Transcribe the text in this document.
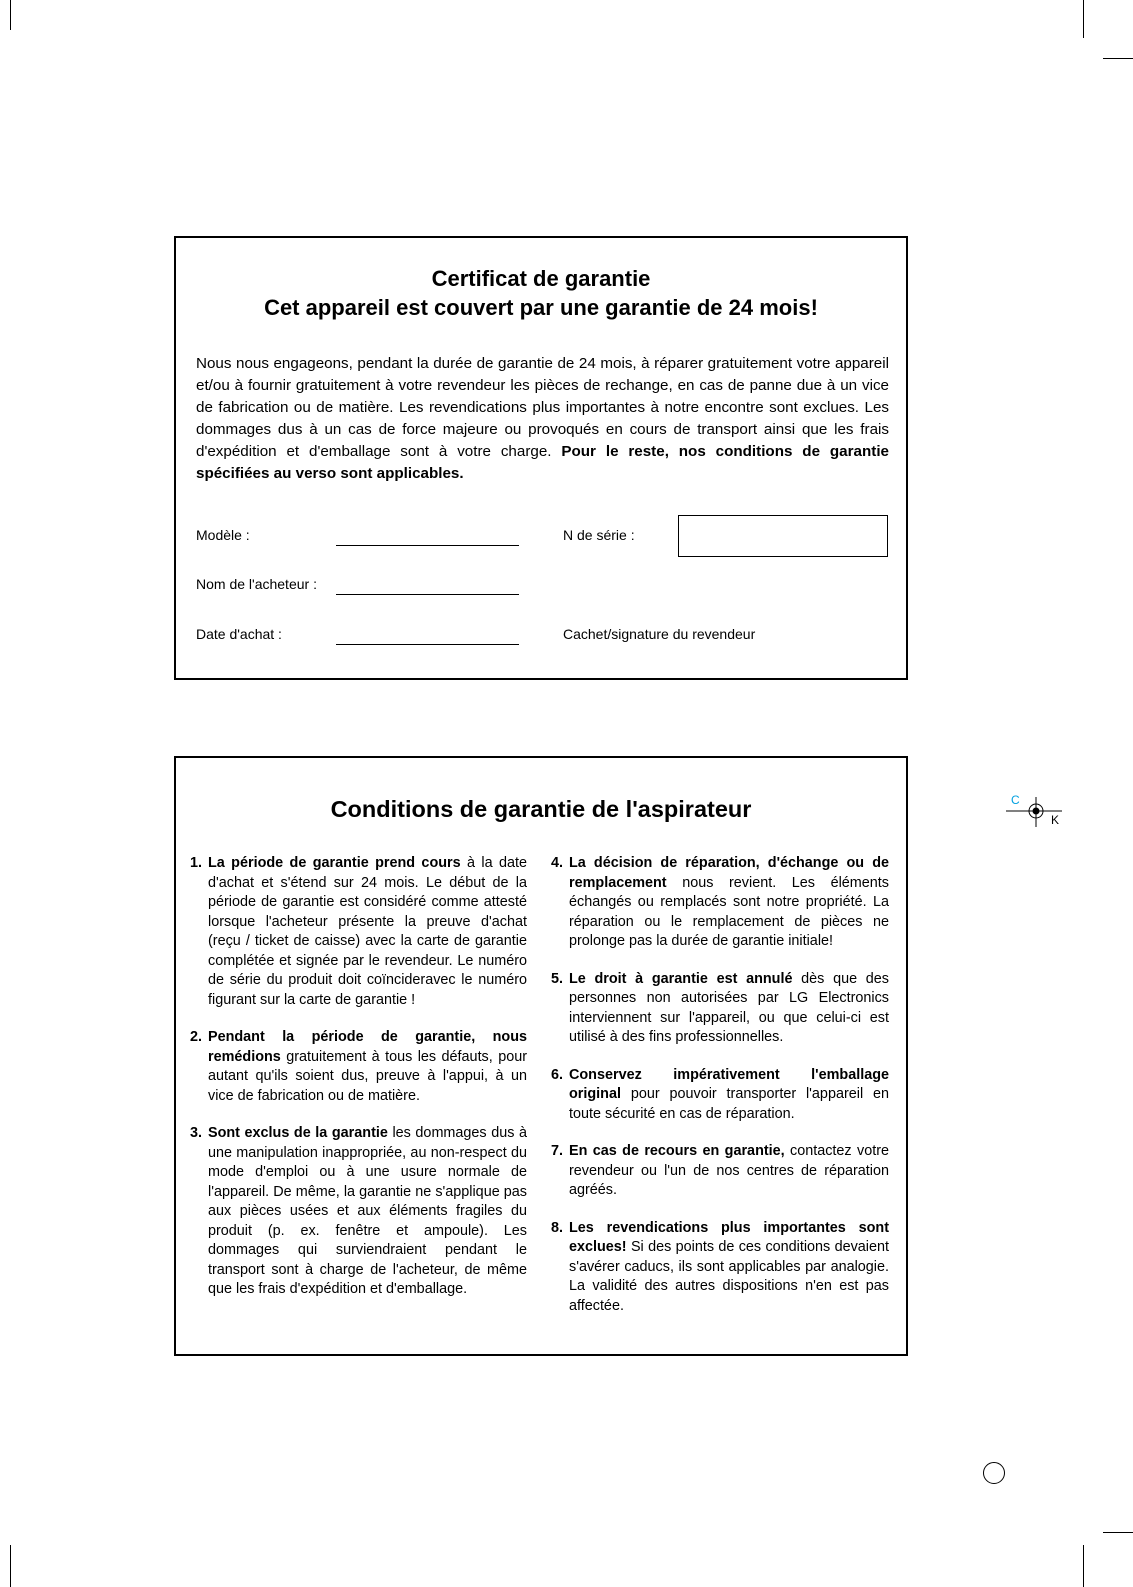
Certificat de garantie
Cet appareil est couvert par une garantie de 24 mois!

Nous nous engageons, pendant la durée de garantie de 24 mois, à réparer gratuitement votre appareil et/ou à fournir gratuitement à votre revendeur les pièces de rechange, en cas de panne due à un vice de fabrication ou de matière. Les revendications plus importantes à notre encontre sont exclues. Les dommages dus à un cas de force majeure ou provoqués en cours de transport ainsi que les frais d'expédition et d'emballage sont à votre charge. Pour le reste, nos conditions de garantie spécifiées au verso sont applicables.

Modèle :	N de série :
Nom de l'acheteur :
Date d'achat :	Cachet/signature du revendeur
Conditions de garantie de l'aspirateur
1. La période de garantie prend cours à la date d'achat et s'étend sur 24 mois. Le début de la période de garantie est considéré comme attesté lorsque l'acheteur présente la preuve d'achat (reçu / ticket de caisse) avec la carte de garantie complétée et signée par le revendeur. Le numéro de série du produit doit coïncideravec le numéro figurant sur la carte de garantie !
2. Pendant la période de garantie, nous remédions gratuitement à tous les défauts, pour autant qu'ils soient dus, preuve à l'appui, à un vice de fabrication ou de matière.
3. Sont exclus de la garantie les dommages dus à une manipulation inappropriée, au non-respect du mode d'emploi ou à une usure normale de l'appareil. De même, la garantie ne s'applique pas aux pièces usées et aux éléments fragiles du produit (p. ex. fenêtre et ampoule). Les dommages qui surviendraient pendant le transport sont à charge de l'acheteur, de même que les frais d'expédition et d'emballage.
4. La décision de réparation, d'échange ou de remplacement nous revient. Les éléments échangés ou remplacés sont notre propriété. La réparation ou le remplacement de pièces ne prolonge pas la durée de garantie initiale!
5. Le droit à garantie est annulé dès que des personnes non autorisées par LG Electronics interviennent sur l'appareil, ou que celui-ci est utilisé à des fins professionnelles.
6. Conservez impérativement l'emballage original pour pouvoir transporter l'appareil en toute sécurité en cas de réparation.
7. En cas de recours en garantie, contactez votre revendeur ou l'un de nos centres de réparation agréés.
8. Les revendications plus importantes sont exclues! Si des points de ces conditions devaient s'avérer caducs, ils sont applicables par analogie. La validité des autres dispositions n'en est pas affectée.
C
K
